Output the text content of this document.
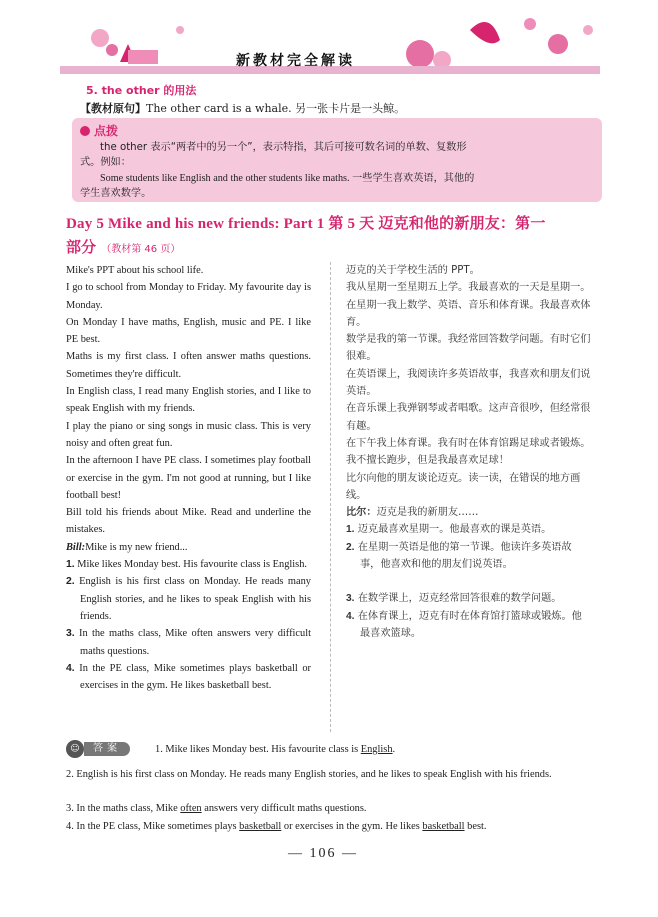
新教材完全解读
5. the other 的用法
【教材原句】The other card is a whale. 另一张卡片是一头鲸。
点拨
the other 表示“两者中的另一个”，表示特指，其后可接可数名词的单数、复数形
式。例如：
Some students like English and the other students like maths. 一些学生喜欢英语，其他的
学生喜欢数学。
Day 5 Mike and his new friends: Part 1 第 5 天 迈克和他的新朋友：第一
部分 （教材第 46 页）

Mike's PPT about his school life.

I go to school from Monday to Friday. My favourite day is Monday.

On Monday I have maths, English, music and PE. I like PE best.

Maths is my first class. I often answer maths questions. Sometimes they're difficult.

In English class, I read many English stories, and I like to speak English with my friends.

I play the piano or sing songs in music class. This is very noisy and often great fun.

In the afternoon I have PE class. I sometimes play football or exercise in the gym. I'm not good at running, but I like football best!

Bill told his friends about Mike. Read and underline the mistakes.

Bill:Mike is my new friend...

1. Mike likes Monday best. His favourite class is English.

2. English is his first class on Monday. He reads many English stories, and he likes to speak English with his friends.

3. In the maths class, Mike often answers very difficult maths questions.

4. In the PE class, Mike sometimes plays basketball or exercises in the gym. He likes basketball best.

迈克的关于学校生活的 PPT。

我从星期一至星期五上学。我最喜欢的一天是星期一。

在星期一我上数学、英语、音乐和体育课。我最喜欢体育。

数学是我的第一节课。我经常回答数学问题。有时它们很难。

在英语课上，我阅读许多英语故事，我喜欢和朋友们说英语。

在音乐课上我弹钢琴或者唱歌。这声音很吵，但经常很有趣。

在下午我上体育课。我有时在体育馆踢足球或者锻炼。我不擅长跑步，但是我最喜欢足球！

比尔向他的朋友谈论迈克。读一读，在错误的地方画线。

比尔：迈克是我的新朋友……

1. 迈克最喜欢星期一。他最喜欢的课是英语。

2. 在星期一英语是他的第一节课。他读许多英语故事，他喜欢和他的朋友们说英语。

3. 在数学课上，迈克经常回答很难的数学问题。

4. 在体育课上，迈克有时在体育馆打篮球或锻炼。他最喜欢篮球。

☺	答案	1. Mike likes Monday best. His favourite class is English.
2. English is his first class on Monday. He reads many English stories, and he likes to speak English with his friends.
3. In the maths class, Mike often answers very difficult maths questions.
4. In the PE class, Mike sometimes plays basketball or exercises in the gym. He likes basketball best.
— 106 —
